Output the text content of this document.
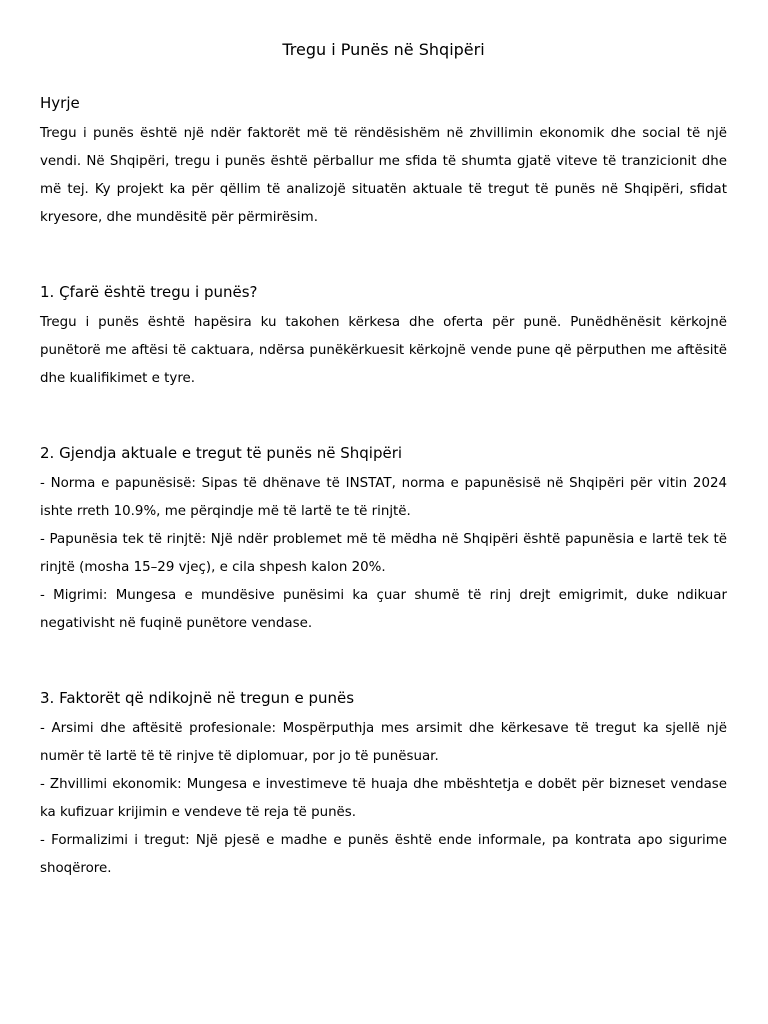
Tregu i Punës në Shqipëri
Hyrje

Tregu i punës është një ndër faktorët më të rëndësishëm në zhvillimin ekonomik dhe social të një vendi. Në Shqipëri, tregu i punës është përballur me sfida të shumta gjatë viteve të tranzicionit dhe më tej. Ky projekt ka për qëllim të analizojë situatën aktuale të tregut të punës në Shqipëri, sfidat kryesore, dhe mundësitë për përmirësim.

1. Çfarë është tregu i punës?

Tregu i punës është hapësira ku takohen kërkesa dhe oferta për punë. Punëdhënësit kërkojnë punëtorë me aftësi të caktuara, ndërsa punëkërkuesit kërkojnë vende pune që përputhen me aftësitë dhe kualifikimet e tyre.

2. Gjendja aktuale e tregut të punës në Shqipëri

- Norma e papunësisë: Sipas të dhënave të INSTAT, norma e papunësisë në Shqipëri për vitin 2024 ishte rreth 10.9%, me përqindje më të lartë te të rinjtë.

- Papunësia tek të rinjtë: Një ndër problemet më të mëdha në Shqipëri është papunësia e lartë tek të rinjtë (mosha 15–29 vjeç), e cila shpesh kalon 20%.

- Migrimi: Mungesa e mundësive punësimi ka çuar shumë të rinj drejt emigrimit, duke ndikuar negativisht në fuqinë punëtore vendase.

3. Faktorët që ndikojnë në tregun e punës

- Arsimi dhe aftësitë profesionale: Mospërputhja mes arsimit dhe kërkesave të tregut ka sjellë një numër të lartë të të rinjve të diplomuar, por jo të punësuar.

- Zhvillimi ekonomik: Mungesa e investimeve të huaja dhe mbështetja e dobët për bizneset vendase ka kufizuar krijimin e vendeve të reja të punës.

- Formalizimi i tregut: Një pjesë e madhe e punës është ende informale, pa kontrata apo sigurime shoqërore.
